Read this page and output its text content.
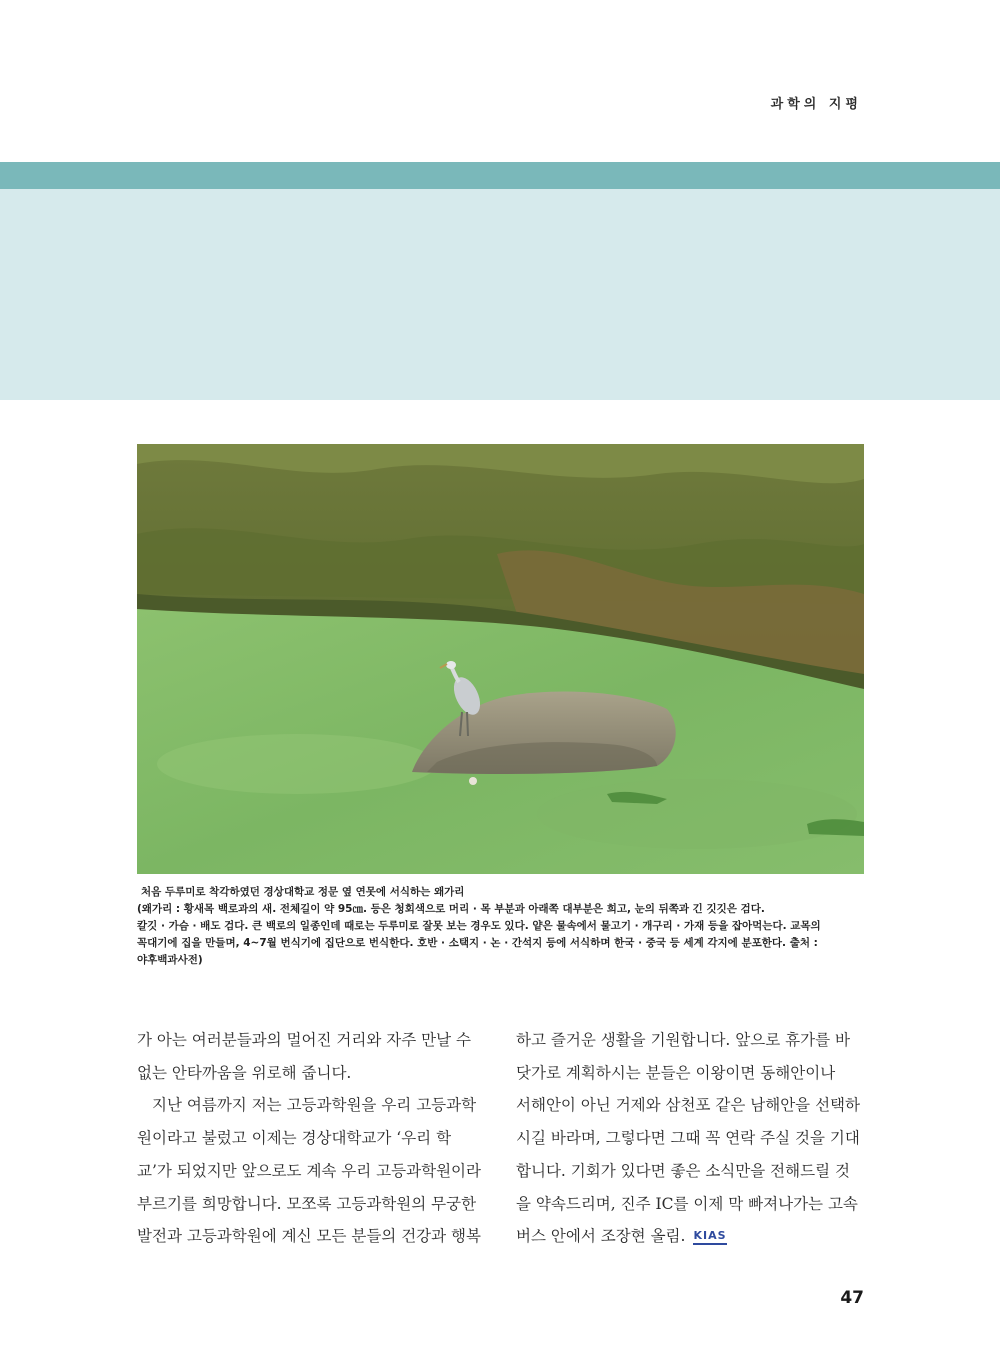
과학의 지평
처음 두루미로 착각하였던 경상대학교 정문 옆 연못에 서식하는 왜가리
(왜가리 : 황새목 백로과의 새. 전체길이 약 95㎝. 등은 청회색으로 머리 · 목 부분과 아래쪽 대부분은 희고, 눈의 뒤쪽과 긴 깃깃은 검다.
칼깃 · 가슴 · 배도 검다. 큰 백로의 일종인데 때로는 두루미로 잘못 보는 경우도 있다. 얕은 물속에서 물고기 · 개구리 · 가재 등을 잡아먹는다. 교목의
꼭대기에 집을 만들며, 4~7월 번식기에 집단으로 번식한다. 호반 · 소택지 · 논 · 간석지 등에 서식하며 한국 · 중국 등 세계 각지에 분포한다. 출처 :
야후백과사전)
가 아는 여러분들과의 멀어진 거리와 자주 만날 수
없는 안타까움을 위로해 줍니다.
지난 여름까지 저는 고등과학원을 우리 고등과학
원이라고 불렀고 이제는 경상대학교가 ‘우리 학
교’가 되었지만 앞으로도 계속 우리 고등과학원이라
부르기를 희망합니다. 모쪼록 고등과학원의 무궁한
발전과 고등과학원에 계신 모든 분들의 건강과 행복
하고 즐거운 생활을 기원합니다. 앞으로 휴가를 바
닷가로 계획하시는 분들은 이왕이면 동해안이나
서해안이 아닌 거제와 삼천포 같은 남해안을 선택하
시길 바라며, 그렇다면 그때 꼭 연락 주실 것을 기대
합니다. 기회가 있다면 좋은 소식만을 전해드릴 것
을 약속드리며, 진주 IC를 이제 막 빠져나가는 고속
버스 안에서 조장현 올림. KIAS
47
